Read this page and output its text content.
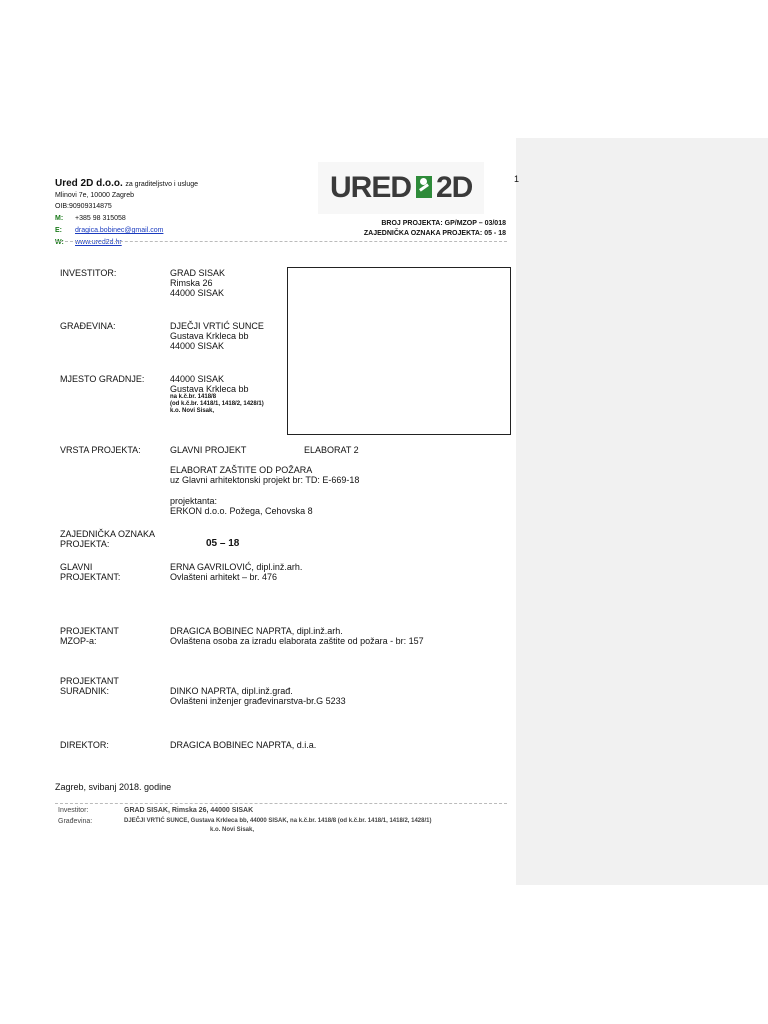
1
Ured 2D d.o.o. za graditeljstvo i usluge
Mlinovi 7e, 10000 Zagreb
OIB:90909314875
M: +385 98 315058
E: dragica.bobinec@gmail.com
W: www.ured2d.hr
URED 2D
BROJ PROJEKTA: GP/MZOP – 03/018
ZAJEDNIČKA OZNAKA PROJEKTA: 05 - 18
INVESTITOR:	GRAD SISAK
Rimska 26
44000 SISAK
GRAĐEVINA:	DJEČJI VRTIĆ SUNCE
Gustava Krkleca bb
44000 SISAK
MJESTO GRADNJE:	44000 SISAK
Gustava Krkleca bb
na k.č.br. 1418/8
(od k.č.br. 1418/1, 1418/2, 1428/1)
k.o. Novi Sisak,
VRSTA PROJEKTA:	GLAVNI PROJEKT	ELABORAT 2
ELABORAT ZAŠTITE OD POŽARA
uz Glavni arhitektonski projekt br: TD: E-669-18
projektanta:
ERKON d.o.o. Požega, Cehovska 8
ZAJEDNIČKA OZNAKA
PROJEKTA:	05 – 18
GLAVNI
PROJEKTANT:
ERNA GAVRILOVIĆ, dipl.inž.arh.
Ovlašteni arhitekt – br. 476
PROJEKTANT
MZOP-a:
DRAGICA BOBINEC NAPRTA, dipl.inž.arh.
Ovlaštena osoba za izradu elaborata zaštite od požara - br: 157
PROJEKTANT
SURADNIK:	DINKO NAPRTA, dipl.inž.građ.
Ovlašteni inženjer građevinarstva-br.G 5233
DIREKTOR:	DRAGICA BOBINEC NAPRTA, d.i.a.
Zagreb, svibanj 2018. godine
Investitor:	GRAD SISAK, Rimska 26, 44000 SISAK
Građevina:	DJEČJI VRTIĆ SUNCE, Gustava Krkleca bb, 44000 SISAK, na k.č.br. 1418/8 (od k.č.br. 1418/1, 1418/2, 1428/1)
k.o. Novi Sisak,
